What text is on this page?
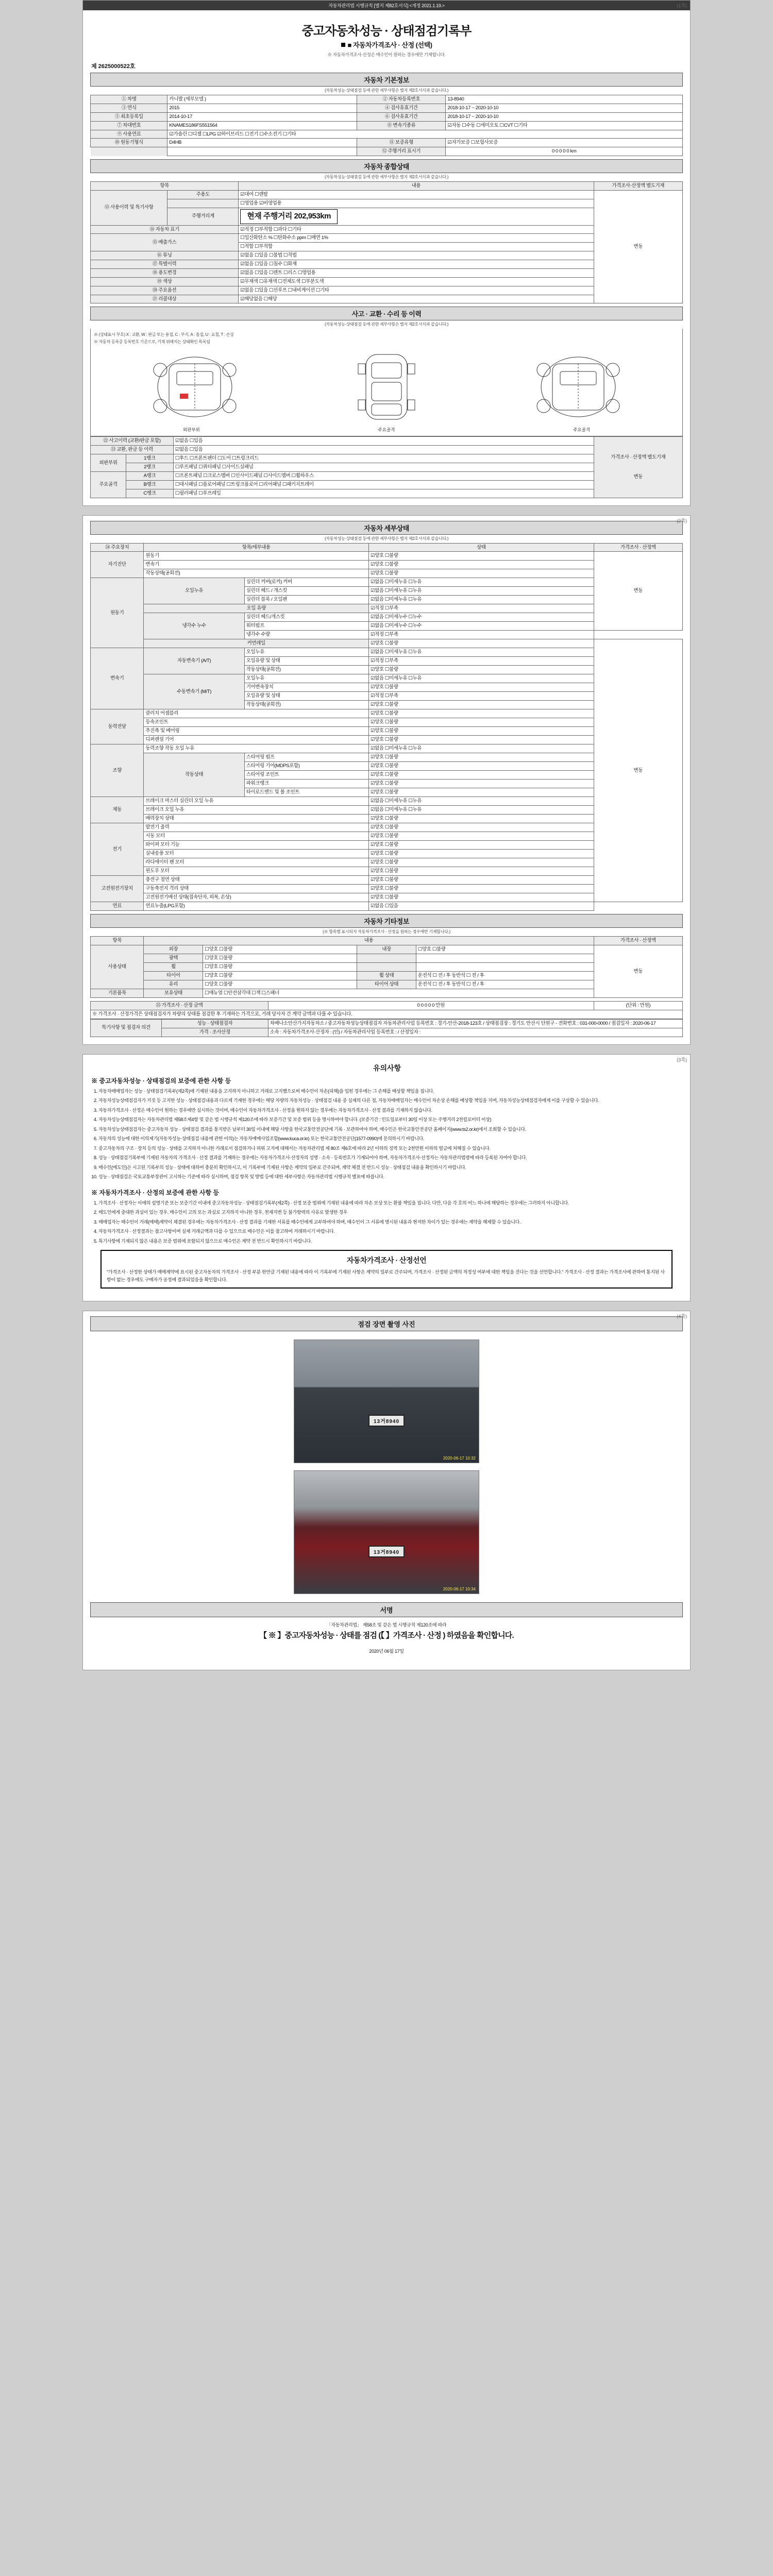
자동차관리법 시행규칙 [별지 제82호서식] <개정 2021.1.19.>	(1쪽)
중고자동차성능 · 상태점검기록부
■ 자동차가격조사 · 산정 (선택)
※ 자동차가격조사·산정은 매수인이 원하는 경우에만 기재합니다.
제 2625000522호
자동차 기본정보
(자동차성능·상태점검 등에 관한 세부사항은 별지 제2호서식과 같습니다.)
① 차명	카니발 (세부모델 )	② 자동차등록번호	13-8940
③ 연식	2015	④ 검사유효기간	2018-10-17 ~ 2020-10-10
⑤ 최초등록일	2014-10-17	⑥ 검사유효기간	2018-10-17 ~ 2020-10-10
⑦ 차대번호	KNAMES186FS551564	⑧ 변속기종류	☑자동 ☐수동 ☐세미오토 ☐CVT ☐기타
⑨ 사용연료	☑가솔린 ☐디젤 ☐LPG ☑하이브리드 ☐전기 ☐수소전기 ☐기타		
⑩ 원동기형식	D4HB	⑪ 보증유형	☑자가보증 ☐보험사보증
		⑫ 주행거리 표시기	0 0 0 0 0 km
자동차 종합상태
(자동차성능·상태점검 등에 관한 세부사항은 별지 제2호서식과 같습니다.)
항목		내용	가격조사·산정액 별도기재
⑬ 사용이력 및 특기사항	주용도	☑대여 ☐렌탈	변동
		☐영업용 ☑비영업용	
	주행거리계	현재 주행거리 202,953km	
⑭ 자동차 표기		☑적정 ☐부적합 ☐과다 ☐기타	
⑮ 배출가스		☐일산화탄소 % ☐탄화수소 ppm ☐매연 1%	
		☐적합 ☐부적합	
⑯ 튜닝		☑없음 ☐있음 ☐불법 ☐적법	
⑰ 특별이력		☑없음 ☐있음 ☐침수 ☐화재	
⑱ 용도변경		☑없음 ☐있음 ☐렌트 ☐리스 ☐영업용	
⑲ 색상		☑무채색 ☐유채색 ☐전체도색 ☐부분도색	
⑳ 주요옵션		☑없음 ☐있음 ☐선루프 ☐내비게이션 ☐기타	
㉑ 리콜대상		☑해당없음 ☐해당	
사고 · 교환 · 수리 등 이력
(자동차성능·상태점검 등에 관한 세부사항은 별지 제2호서식과 같습니다.)
※ (상태표시 부호) X : 교환, W : 판금 또는 용접, C : 부식, A : 흠집, U : 요철, T : 손상
※ 자동차 등록증 등록번호 기준으로, 기재 위해지는 상태확인 목록임
외판부위	주요골격	주요골격
㉒ 사고이력 (교환/판금 포함)		☑없음 ☐있음	가격조사 · 산정액 별도기재
변동

㉓ 교환, 판금 등 이력		☑없음 ☐있음	
외판부위	1랭크	☐후드 ☐프론트펜더 ☐도어 ☐트렁크리드	
	2랭크	☐루프패널 ☐쿼터패널 ☐사이드실패널	
주요골격	A랭크	☐프론트패널 ☐크로스멤버 ☐인사이드패널 ☐사이드멤버 ☐휠하우스	
	B랭크	☐대시패널 ☐플로어패널 ☐트렁크플로어 ☐리어패널 ☐패키지트레이	
	C랭크	☐필러패널 ☐루프레일	
(2쪽)
자동차 세부상태
(자동차성능·상태점검 등에 관한 세부사항은 별지 제2호서식과 같습니다.)
㉔ 주요장치	항목/세부내용		상태	가격조사 · 산정액
자기진단	원동기		☑양호 ☐불량	변동
	변속기		☑양호 ☐불량	
	작동상태(공회전)		☑양호 ☐불량	
원동기	오일누유	실린더 커버(로커) 커버	☑없음 ☐미세누유 ☐누유	
		실린더 헤드 / 개스킷	☑없음 ☐미세누유 ☐누유	
		실린더 블록 / 오일팬	☑없음 ☐미세누유 ☐누유	
	오일 유량		☑적정 ☐부족	
	냉각수 누수	실린더 헤드/개스킷	☑없음 ☐미세누수 ☐누수	
		워터펌프	☑없음 ☐미세누수 ☐누수	
		냉각수 수량	☑적정 ☐부족	
	커먼레일		☑양호 ☐불량	변동
변속기	자동변속기 (A/T)	오일누유	☑없음 ☐미세누유 ☐누유	
		오일유량 및 상태	☑적정 ☐부족	
		작동상태(공회전)	☑양호 ☐불량	
	수동변속기 (M/T)	오일누유	☑없음 ☐미세누유 ☐누유	
		기어변속장치	☑양호 ☐불량	
		오일유량 및 상태	☑적정 ☐부족	
		작동상태(공회전)	☑양호 ☐불량	
동력전달	클러치 어셈블리		☑양호 ☐불량	
	등속조인트		☑양호 ☐불량	
	추진축 및 베어링		☑양호 ☐불량	
	디퍼렌셜 기어		☑양호 ☐불량	
조향	동력조향 작동 오일 누유		☑없음 ☐미세누유 ☐누유	
	작동상태	스티어링 펌프	☑양호 ☐불량	
		스티어링 기어(MDPS포함)	☑양호 ☐불량	
		스티어링 조인트	☑양호 ☐불량	
		파워크랭크	☑양호 ☐불량	
		타이로드엔드 및 볼 조인트	☑양호 ☐불량	
제동	브레이크 마스터 실린더 오일 누유		☑없음 ☐미세누유 ☐누유	
	브레이크 오일 누유		☑없음 ☐미세누유 ☐누유	
	배력장치 상태		☑양호 ☐불량	
전기	발전기 출력		☑양호 ☐불량	
	시동 모터		☑양호 ☐불량	
	와이퍼 모터 기능		☑양호 ☐불량	
	실내송풍 모터		☑양호 ☐불량	
	라디에이터 팬 모터		☑양호 ☐불량	
	윈도우 모터		☑양호 ☐불량	
고전원전기장치	충전구 절연 상태		☑양호 ☐불량	
	구동축전지 격리 상태		☑양호 ☐불량	
	고전원전기배선 상태(접속단자, 피복, 손상)		☑양호 ☐불량	
연료	연료누출(LPG포함)		☑없음 ☐있음	
자동차 기타정보
(※ 항목별 표시되지 자동차가격조사 · 산정을 원하는 경우에만 기재합니다.)
항목	내용				가격조사 · 산정액
사용상태	외장	☐양호 ☐불량	내장	☐양호 ☐불량	변동
	광택	☐양호 ☐불량			
	휠	☐양호 ☐불량			
	타이어	☐양호 ☐불량	휠 상태	운전석 ☐ 전 / 후 동반석 ☐ 전 / 후	
	유리	☐양호 ☐불량	타이어 상태	운전석 ☐ 전 / 후 동반석 ☐ 전 / 후	
기본품목	보유상태	☐매뉴얼 ☐안전삼각대 ☐잭 ☐스패너			
㉕ 가격조사 · 산정 금액	0 0 0 0 0 만원	(단위 : 만원)
※ 가격조사 · 산정가격은 상태점검자가 차량의 상태를 점검한 후 기재하는 가격으로, 거래 당사자 간 계약 금액과 다를 수 있습니다.
특기사항 및 점검자 의견	성능 · 상태점검자	차배나소안산가지자동차소 / 중고자동차성능상태점검자 자동차관리사업 등록번호 : 경기-안산-2018-123호 / 상태점검장 : 경기도 안산시 단원구 - 전화번호 : 031-000-0000 / 점검일자 : 2020-06-17
	가격 · 조사산정	소속 : 자동차가격조사·산정자 : (인) / 자동차관리사업 등록번호 : / 산정일자 :
(3쪽)
유의사항
※ 중고자동차성능 · 상태점검의 보증에 관한 사항 등
1. 자동차매매업자는 성능 · 상태점검기록부(제2쪽)에 기재된 내용을 고지하지 아니하고 거래로 고지했으로써 매수인이 차손(피해)을 입힌 경우에는 그 손해를 배상할 책임을 집니다.
2. 자동차성능상태점검자가 거짓 등 고지한 성능 · 상태점검내용과 다르게 기재한 경우에는 해당 차량의 자동차성능 · 상태점검 내용 중 실제의 다른 점, 자동차매매업자는 매수인이 차손상 손해를 배상할 책임을 지며, 자동차성능상태점검자에게 이를 구상할 수 있습니다.
3. 자동차가격조사 · 산정은 매수인이 원하는 경우에만 실시하는 것이며, 매수인이 자동차가격조사 · 산정을 원하지 않는 경우에는 자동차가격조사 · 산정 결과를 기재하지 않습니다.
4. 자동차성능상태점검자는 자동차관리법 제58조제4항 및 같은 법 시행규칙 제120조에 따라 보증기간 및 보증 범위 등을 명시하여야 합니다. (보증기간 : 인도일로부터 30일 이상 또는 주행거리 2천킬로미터 이상)
5. 자동차성능상태점검자는 중고자동차 성능 · 상태점검 결과를 통지받은 날부터 30일 이내에 해당 사항을 한국교통안전공단에 기록 · 보관하여야 하며, 매수인은 한국교통안전공단 홈페이지(www.ts2.or.kr)에서 조회할 수 있습니다.
6. 자동차의 성능에 대한 이의제기(자동차성능·상태점검 내용에 관한 이의)는 자동차매매사업조합(www.kuca.or.kr) 또는 한국교통안전공단(1577-0990)에 문의하시기 바랍니다.
7. 중고자동차의 구조 · 장치 등의 성능 · 상태를 고지하지 아니한 거래로서 점검하거나 허위 고지에 대해서는 자동차관리법 제 80조 제6호에 따라 2년 이하의 징역 또는 2천만원 이하의 벌금에 처해질 수 있습니다.
8. 성능 · 상태점검기록부에 기재된 자동차의 가격조사 · 산정 결과를 기재하는 경우에는 자동차가격조사·산정자의 성명 · 소속 · 등록번호가 기재되어야 하며, 자동차가격조사·산정자는 자동차관리법령에 따라 등록된 자여야 합니다.
9. 매수인(매도인)은 시고된 기록부의 성능 · 상태에 대하여 충분히 확인하시고, 이 기록부에 기재된 사항은 계약의 일부로 간주되며, 계약 체결 전 반드시 성능 · 상태점검 내용을 확인하시기 바랍니다.
10. 성능 · 상태점검은 국토교통부장관이 고시하는 기준에 따라 실시하며, 점검 항목 및 방법 등에 대한 세부사항은 자동차관리법 시행규칙 별표에 따릅니다.
※ 자동차가격조사 · 산정의 보증에 관한 사항 등
1. 가격조사 · 산정자는 이에의 설명기준 또는 보증기간 이내에 중고자동차성능 · 상태점검기록부(제2쪽) · 산정 보증 범위에 기재된 내용에 따라 차손 보상 또는 환불 책임을 집니다. 다만, 다음 각 호의 어느 하나에 해당하는 경우에는 그러하지 아니합니다.
2. 매도인에게 중대한 과실이 있는 경우, 매수인이 고의 또는 과실로 고지하지 아니한 경우, 천재지변 등 불가항력의 사유로 발생한 경우
3. 매매업자는 매수인이 거래(매매)계약이 체결된 경우에는 자동차가격조사 · 산정 결과를 기재한 서류를 매수인에게 교부하여야 하며, 매수인이 그 서류에 명시된 내용과 현저한 차이가 있는 경우에는 계약을 해제할 수 있습니다.
4. 자동차가격조사 · 산정결과는 참고사항이며 실제 거래금액과 다를 수 있으므로 매수인은 이를 참고하여 거래하시기 바랍니다.
5. 특기사항에 기재되지 않은 내용은 보증 범위에 포함되지 않으므로 매수인은 계약 전 반드시 확인하시기 바랍니다.
자동차가격조사 · 산정선언
"가격조사 · 산정한 상태가 매매계약에 표시된 중고자동차의 가격조사 · 산정 부분 한만큼 기재된 내용에 따라 이 기록부에 기재된 사항은 계약의 일부로 간주되며, 가격조사 · 산정된 금액의 적정성 여부에 대한 책임을 진다는 것을 선언합니다." 가격조사 · 산정 결과는 가격조사에 관하여 통지된 사항이 없는 경우에도 구매자가 공정에 결과되었음을 확인합니다.
(4쪽)
점검 장면 촬영 사진
13거8940
2020-06-17 10:32
13거8940
2020-06-17 10:34
서명
「자동차관리법」 제58조 및 같은 법 시행규칙 제120조에 따라
【 ※ 】중고자동차성능 · 상태를 점검 (【 】가격조사 · 산정 ) 하였음을 확인합니다.
2020년 06월 17일
